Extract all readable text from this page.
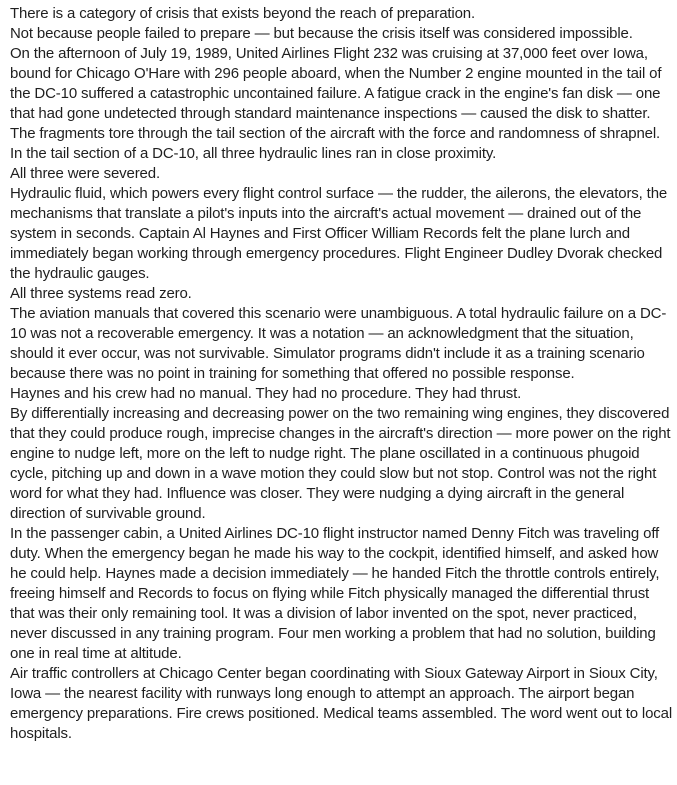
There is a category of crisis that exists beyond the reach of preparation.

Not because people failed to prepare — but because the crisis itself was considered impossible.

On the afternoon of July 19, 1989, United Airlines Flight 232 was cruising at 37,000 feet over Iowa, bound for Chicago O'Hare with 296 people aboard, when the Number 2 engine mounted in the tail of the DC-10 suffered a catastrophic uncontained failure. A fatigue crack in the engine's fan disk — one that had gone undetected through standard maintenance inspections — caused the disk to shatter. The fragments tore through the tail section of the aircraft with the force and randomness of shrapnel.

In the tail section of a DC-10, all three hydraulic lines ran in close proximity.

All three were severed.

Hydraulic fluid, which powers every flight control surface — the rudder, the ailerons, the elevators, the mechanisms that translate a pilot's inputs into the aircraft's actual movement — drained out of the system in seconds. Captain Al Haynes and First Officer William Records felt the plane lurch and immediately began working through emergency procedures. Flight Engineer Dudley Dvorak checked the hydraulic gauges.

All three systems read zero.

The aviation manuals that covered this scenario were unambiguous. A total hydraulic failure on a DC-10 was not a recoverable emergency. It was a notation — an acknowledgment that the situation, should it ever occur, was not survivable. Simulator programs didn't include it as a training scenario because there was no point in training for something that offered no possible response.

Haynes and his crew had no manual. They had no procedure. They had thrust.

By differentially increasing and decreasing power on the two remaining wing engines, they discovered that they could produce rough, imprecise changes in the aircraft's direction — more power on the right engine to nudge left, more on the left to nudge right. The plane oscillated in a continuous phugoid cycle, pitching up and down in a wave motion they could slow but not stop. Control was not the right word for what they had. Influence was closer. They were nudging a dying aircraft in the general direction of survivable ground.

In the passenger cabin, a United Airlines DC-10 flight instructor named Denny Fitch was traveling off duty. When the emergency began he made his way to the cockpit, identified himself, and asked how he could help. Haynes made a decision immediately — he handed Fitch the throttle controls entirely, freeing himself and Records to focus on flying while Fitch physically managed the differential thrust that was their only remaining tool. It was a division of labor invented on the spot, never practiced, never discussed in any training program. Four men working a problem that had no solution, building one in real time at altitude.

Air traffic controllers at Chicago Center began coordinating with Sioux Gateway Airport in Sioux City, Iowa — the nearest facility with runways long enough to attempt an approach. The airport began emergency preparations. Fire crews positioned. Medical teams assembled. The word went out to local hospitals.
